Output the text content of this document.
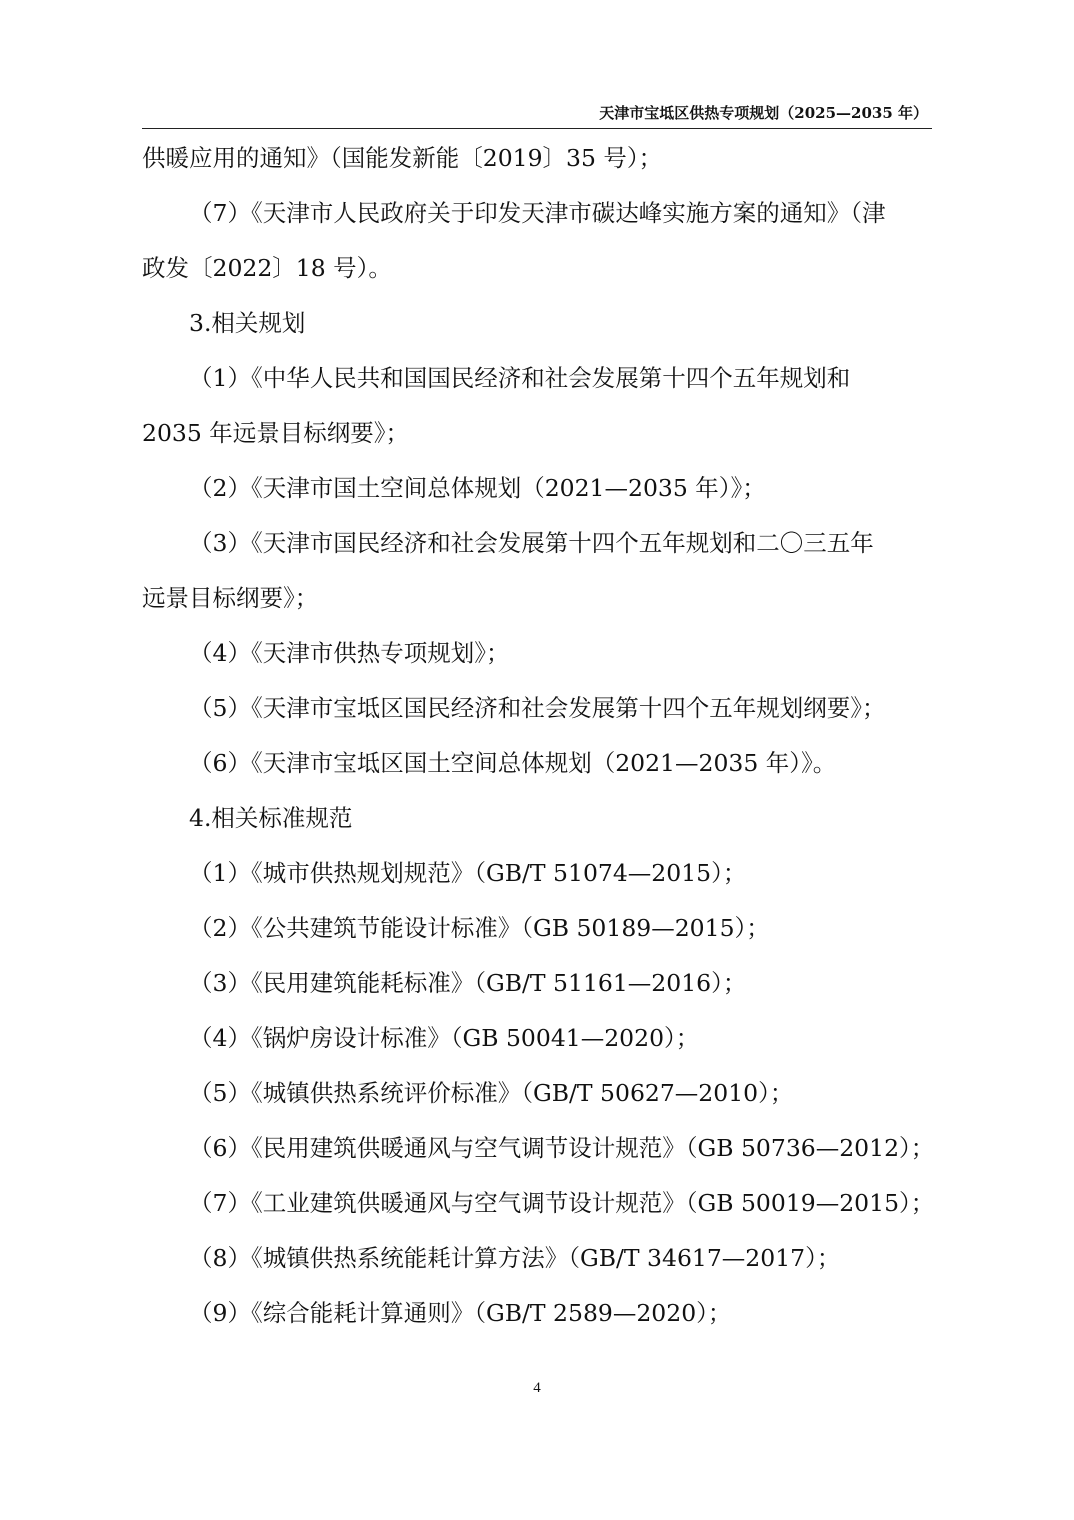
天津市宝坻区供热专项规划（2025—2035 年）
供暖应用的通知》（国能发新能〔2019〕35 号）；
（7）《天津市人民政府关于印发天津市碳达峰实施方案的通知》（津
政发〔2022〕18 号）。
3.相关规划
（1）《中华人民共和国国民经济和社会发展第十四个五年规划和
2035 年远景目标纲要》；
（2）《天津市国土空间总体规划（2021—2035 年）》；
（3）《天津市国民经济和社会发展第十四个五年规划和二〇三五年
远景目标纲要》；
（4）《天津市供热专项规划》；
（5）《天津市宝坻区国民经济和社会发展第十四个五年规划纲要》；
（6）《天津市宝坻区国土空间总体规划（2021—2035 年）》。
4.相关标准规范
（1）《城市供热规划规范》（GB/T 51074—2015）；
（2）《公共建筑节能设计标准》（GB 50189—2015）；
（3）《民用建筑能耗标准》（GB/T 51161—2016）；
（4）《锅炉房设计标准》（GB 50041—2020）；
（5）《城镇供热系统评价标准》（GB/T 50627—2010）；
（6）《民用建筑供暖通风与空气调节设计规范》（GB 50736—2012）；
（7）《工业建筑供暖通风与空气调节设计规范》（GB 50019—2015）；
（8）《城镇供热系统能耗计算方法》（GB/T 34617—2017）；
（9）《综合能耗计算通则》（GB/T 2589—2020）；
4
